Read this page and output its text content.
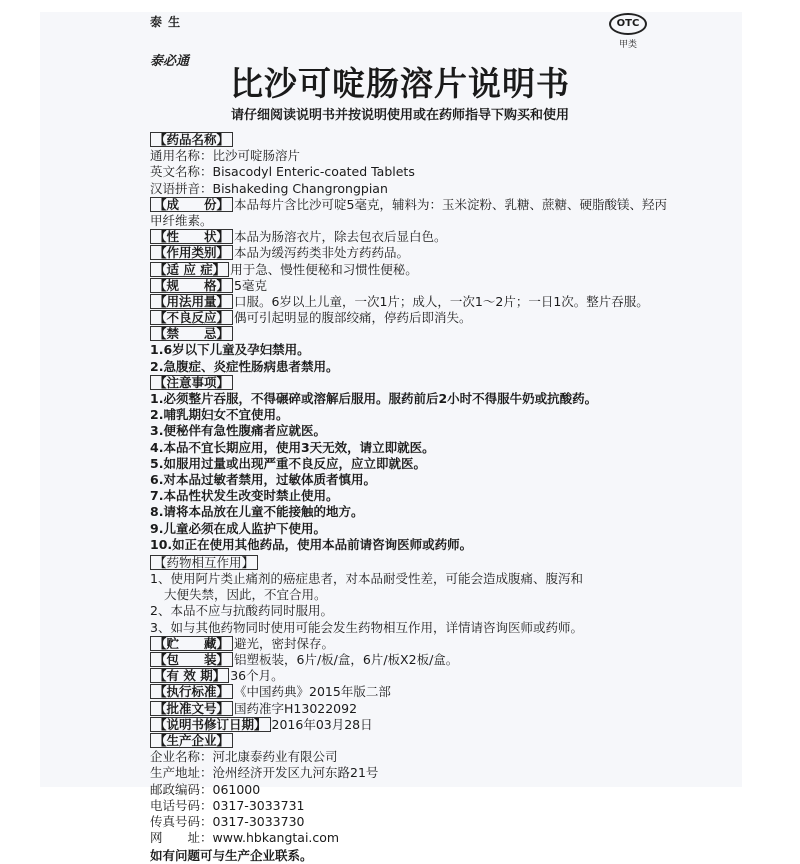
泰 生
泰必通
OTC
甲类
比沙可啶肠溶片说明书
请仔细阅读说明书并按说明使用或在药师指导下购买和使用
【药品名称】
通用名称：比沙可啶肠溶片
英文名称：Bisacodyl Enteric-coated Tablets
汉语拼音：Bishakeding Changrongpian
【成　　份】 本品每片含比沙可啶5毫克，辅料为：玉米淀粉、乳糖、蔗糖、硬脂酸镁、羟丙甲纤维素。
【性　　状】 本品为肠溶衣片，除去包衣后显白色。
【作用类别】 本品为缓泻药类非处方药药品。
【适 应 症】 用于急、慢性便秘和习惯性便秘。
【规　　格】 5毫克
【用法用量】 口服。6岁以上儿童，一次1片；成人，一次1～2片；一日1次。整片吞服。
【不良反应】 偶可引起明显的腹部绞痛，停药后即消失。
【禁　　忌】
1.6岁以下儿童及孕妇禁用。
2.急腹症、炎症性肠病患者禁用。
【注意事项】
1.必须整片吞服，不得碾碎或溶解后服用。服药前后2小时不得服牛奶或抗酸药。
2.哺乳期妇女不宜使用。
3.便秘伴有急性腹痛者应就医。
4.本品不宜长期应用，使用3天无效，请立即就医。
5.如服用过量或出现严重不良反应，应立即就医。
6.对本品过敏者禁用，过敏体质者慎用。
7.本品性状发生改变时禁止使用。
8.请将本品放在儿童不能接触的地方。
9.儿童必须在成人监护下使用。
10.如正在使用其他药品，使用本品前请咨询医师或药师。
【药物相互作用】
1、使用阿片类止痛剂的癌症患者，对本品耐受性差，可能会造成腹痛、腹泻和
大便失禁，因此，不宜合用。
2、本品不应与抗酸药同时服用。
3、如与其他药物同时使用可能会发生药物相互作用，详情请咨询医师或药师。
【贮　　藏】 避光，密封保存。
【包　　装】 铝塑板装，6片/板/盒，6片/板X2板/盒。
【有 效 期】 36个月。
【执行标准】 《中国药典》2015年版二部
【批准文号】 国药准字H13022092
【说明书修订日期】 2016年03月28日
【生产企业】
企业名称：河北康泰药业有限公司
生产地址：沧州经济开发区九河东路21号
邮政编码：061000
电话号码：0317-3033731
传真号码：0317-3033730
网　　址：www.hbkangtai.com
如有问题可与生产企业联系。
